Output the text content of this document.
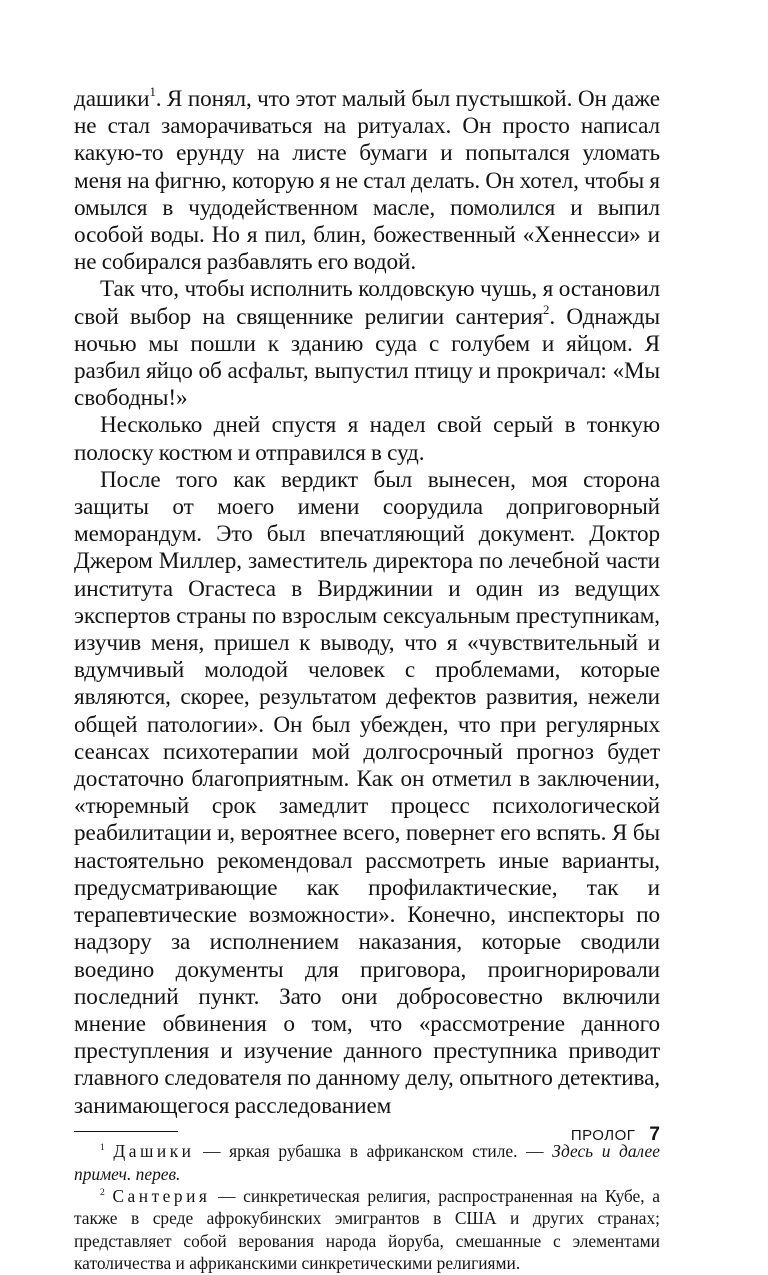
дашики$^1$. Я понял, что этот малый был пустышкой. Он даже не стал заморачиваться на ритуалах. Он просто написал какую-то ерунду на листе бумаги и попытался уломать меня на фигню, которую я не стал делать. Он хотел, чтобы я омылся в чудодейственном масле, помолился и выпил особой воды. Но я пил, блин, божественный «Хеннесси» и не собирался разбавлять его водой.

Так что, чтобы исполнить колдовскую чушь, я остановил свой выбор на священнике религии сантерия$^2$. Однажды ночью мы пошли к зданию суда с голубем и яйцом. Я разбил яйцо об асфальт, выпустил птицу и прокричал: «Мы свободны!»

Несколько дней спустя я надел свой серый в тонкую полоску костюм и отправился в суд.

После того как вердикт был вынесен, моя сторона защиты от моего имени соорудила доприговорный меморандум. Это был впечатляющий документ. Доктор Джером Миллер, заместитель директора по лечебной части института Огастеса в Вирджинии и один из ведущих экспертов страны по взрослым сексуальным преступникам, изучив меня, пришел к выводу, что я «чувствительный и вдумчивый молодой человек с проблемами, которые являются, скорее, результатом дефектов развития, нежели общей патологии». Он был убежден, что при регулярных сеансах психотерапии мой долгосрочный прогноз будет достаточно благоприятным. Как он отметил в заключении, «тюремный срок замедлит процесс психологической реабилитации и, вероятнее всего, повернет его вспять. Я бы настоятельно рекомендовал рассмотреть иные варианты, предусматривающие как профилактические, так и терапевтические возможности». Конечно, инспекторы по надзору за исполнением наказания, которые сводили воедино документы для приговора, проигнорировали последний пункт. Зато они добросовестно включили мнение обвинения о том, что «рассмотрение данного преступления и изучение данного преступника приводит главного следователя по данному делу, опытного детектива, занимающегося расследованием

$^1$ Дашики — яркая рубашка в африканском стиле. — Здесь и далее примеч. перев.

$^2$ Сантерия — синкретическая религия, распространенная на Кубе, а также в среде афрокубинских эмигрантов в США и других странах; представляет собой верования народа йоруба, смешанные с элементами католичества и африканскими синкретическими религиями.

ПРОЛОГ 7
